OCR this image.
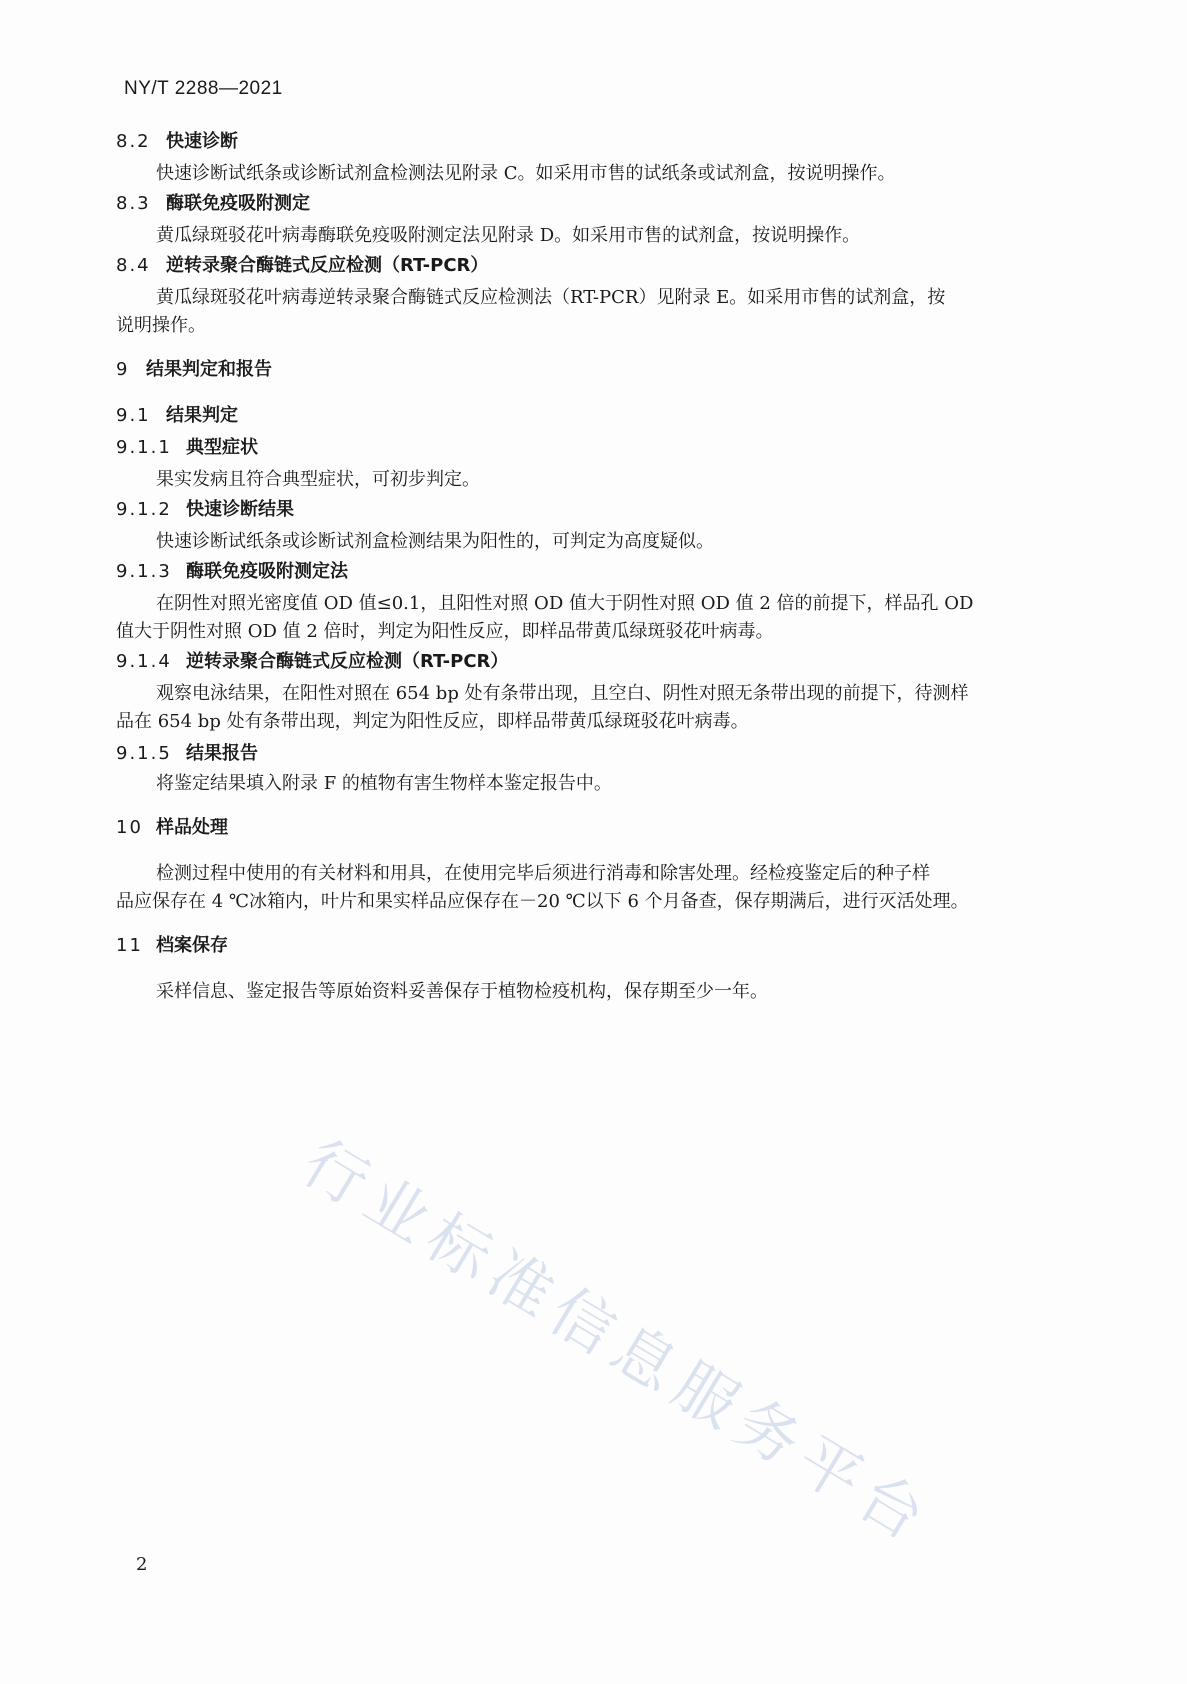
NY/T 2288—2021
8.2 快速诊断
快速诊断试纸条或诊断试剂盒检测法见附录 C。如采用市售的试纸条或试剂盒，按说明操作。
8.3 酶联免疫吸附测定
黄瓜绿斑驳花叶病毒酶联免疫吸附测定法见附录 D。如采用市售的试剂盒，按说明操作。
8.4 逆转录聚合酶链式反应检测（RT-PCR）
黄瓜绿斑驳花叶病毒逆转录聚合酶链式反应检测法（RT-PCR）见附录 E。如采用市售的试剂盒，按
说明操作。
9 结果判定和报告
9.1 结果判定
9.1.1 典型症状
果实发病且符合典型症状，可初步判定。
9.1.2 快速诊断结果
快速诊断试纸条或诊断试剂盒检测结果为阳性的，可判定为高度疑似。
9.1.3 酶联免疫吸附测定法
在阴性对照光密度值 OD 值≤0.1，且阳性对照 OD 值大于阴性对照 OD 值 2 倍的前提下，样品孔 OD
值大于阴性对照 OD 值 2 倍时，判定为阳性反应，即样品带黄瓜绿斑驳花叶病毒。
9.1.4 逆转录聚合酶链式反应检测（RT-PCR）
观察电泳结果，在阳性对照在 654 bp 处有条带出现，且空白、阴性对照无条带出现的前提下，待测样
品在 654 bp 处有条带出现，判定为阳性反应，即样品带黄瓜绿斑驳花叶病毒。
9.1.5 结果报告
将鉴定结果填入附录 F 的植物有害生物样本鉴定报告中。
10 样品处理
检测过程中使用的有关材料和用具，在使用完毕后须进行消毒和除害处理。经检疫鉴定后的种子样
品应保存在 4 ℃冰箱内，叶片和果实样品应保存在－20 ℃以下 6 个月备查，保存期满后，进行灭活处理。
11 档案保存
采样信息、鉴定报告等原始资料妥善保存于植物检疫机构，保存期至少一年。
行业标准信息服务平台
2
